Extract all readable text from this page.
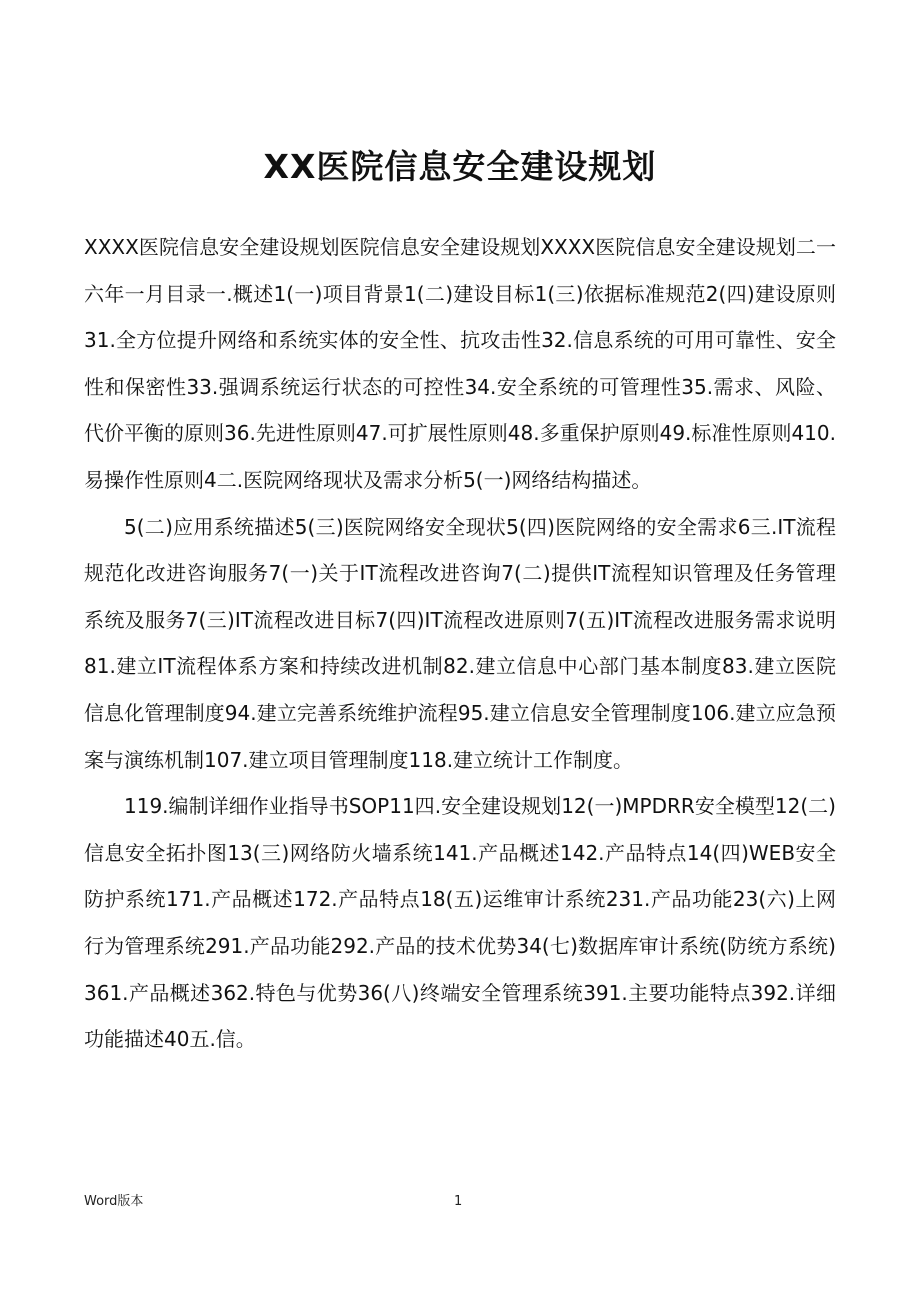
XX医院信息安全建设规划

XXXX医院信息安全建设规划医院信息安全建设规划XXXX医院信息安全建设规划二一六年一月目录一.概述1(一)项目背景1(二)建设目标1(三)依据标准规范2(四)建设原则31.全方位提升网络和系统实体的安全性、抗攻击性32.信息系统的可用可靠性、安全性和保密性33.强调系统运行状态的可控性34.安全系统的可管理性35.需求、风险、代价平衡的原则36.先进性原则47.可扩展性原则48.多重保护原则49.标准性原则410.易操作性原则4二.医院网络现状及需求分析5(一)网络结构描述。

5(二)应用系统描述5(三)医院网络安全现状5(四)医院网络的安全需求6三.IT流程规范化改进咨询服务7(一)关于IT流程改进咨询7(二)提供IT流程知识管理及任务管理系统及服务7(三)IT流程改进目标7(四)IT流程改进原则7(五)IT流程改进服务需求说明81.建立IT流程体系方案和持续改进机制82.建立信息中心部门基本制度83.建立医院信息化管理制度94.建立完善系统维护流程95.建立信息安全管理制度106.建立应急预案与演练机制107.建立项目管理制度118.建立统计工作制度。

119.编制详细作业指导书SOP11四.安全建设规划12(一)MPDRR安全模型12(二)信息安全拓扑图13(三)网络防火墙系统141.产品概述142.产品特点14(四)WEB安全防护系统171.产品概述172.产品特点18(五)运维审计系统231.产品功能23(六)上网行为管理系统291.产品功能292.产品的技术优势34(七)数据库审计系统(防统方系统)361.产品概述362.特色与优势36(八)终端安全管理系统391.主要功能特点392.详细功能描述40五.信。

Word版本	1
